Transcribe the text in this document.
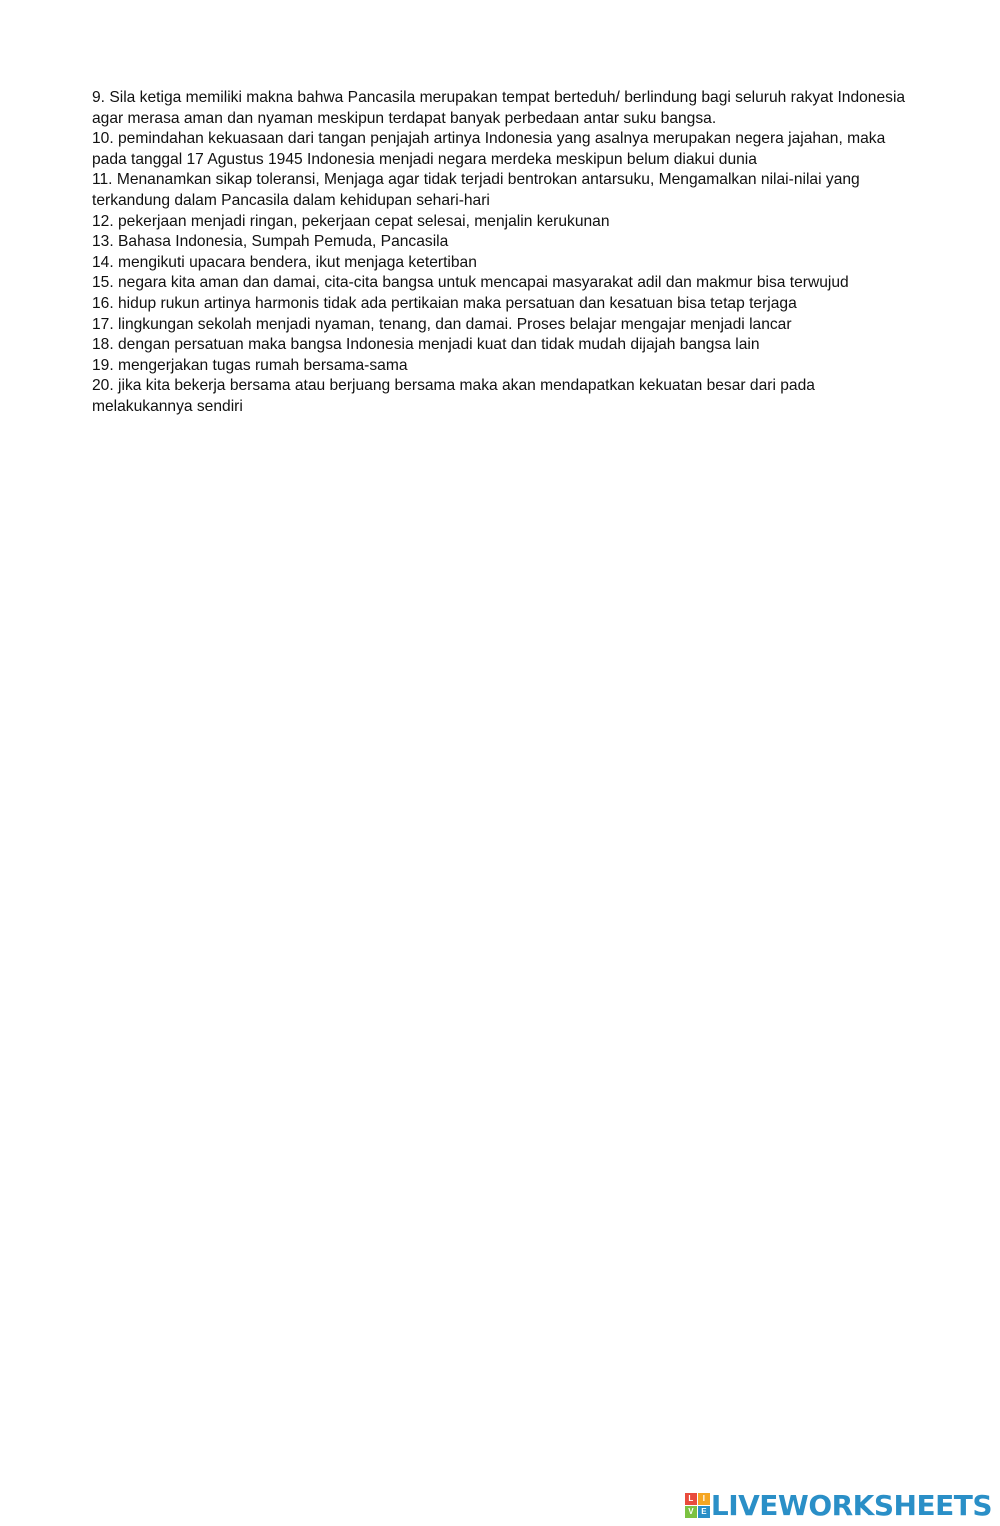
9. Sila ketiga memiliki makna bahwa Pancasila merupakan tempat berteduh/ berlindung bagi seluruh rakyat Indonesia agar merasa aman dan nyaman meskipun terdapat banyak perbedaan antar suku bangsa.

10. pemindahan kekuasaan dari tangan penjajah artinya Indonesia yang asalnya merupakan negera jajahan, maka pada tanggal 17 Agustus 1945 Indonesia menjadi negara merdeka meskipun belum diakui dunia

11. Menanamkan sikap toleransi, Menjaga agar tidak terjadi bentrokan antarsuku, Mengamalkan nilai-nilai yang terkandung dalam Pancasila dalam kehidupan sehari-hari

12. pekerjaan menjadi ringan, pekerjaan cepat selesai, menjalin kerukunan

13. Bahasa Indonesia, Sumpah Pemuda, Pancasila

14. mengikuti upacara bendera, ikut menjaga ketertiban

15. negara kita aman dan damai, cita-cita bangsa untuk mencapai masyarakat adil dan makmur bisa terwujud

16. hidup rukun artinya harmonis tidak ada pertikaian maka persatuan dan kesatuan bisa tetap terjaga

17. lingkungan sekolah menjadi nyaman, tenang, dan damai. Proses belajar mengajar menjadi lancar

18. dengan persatuan maka bangsa Indonesia menjadi kuat dan tidak mudah dijajah bangsa lain

19. mengerjakan tugas rumah bersama-sama

20. jika kita bekerja bersama atau berjuang bersama maka akan mendapatkan kekuatan besar dari pada melakukannya sendiri

L	I
V E LIVEWORKSHEETS
